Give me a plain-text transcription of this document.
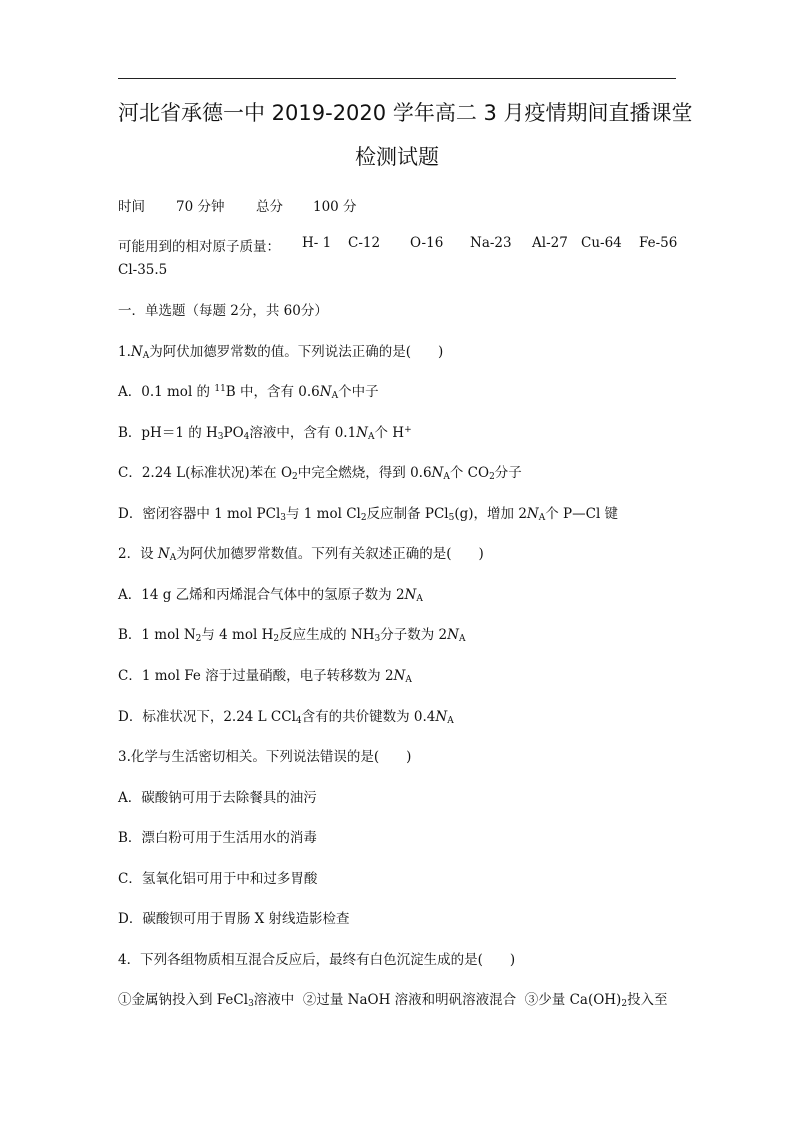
河北省承德一中 2019-2020 学年高二 3 月疫情期间直播课堂
检测试题
时间 70 分钟 总分 100 分
可能用到的相对原子质量： H- 1 C-12 O-16 Na-23 Al-27 Cu-64 Fe-56
Cl-35.5
一．单选题（每题 2分，共 60分）
$1.N_A$为阿伏加德罗常数的值。下列说法正确的是(　　)
A．0.1 mol 的 $^{11}$B 中，含有 $0.6N_A$个中子
B．pH＝1 的 $H_3PO_4$溶液中，含有 $0.1N_A$个 H+
C．2.24 L(标准状况)苯在 $O_2$中完全燃烧，得到 $0.6N_A$个 $CO_2$分子
D．密闭容器中 1 mol PCl$_3$与 1 mol $Cl_2$反应制备 PCl$_5$(g)，增加 $2N_A$个 P—Cl 键
2．设 $N_A$为阿伏加德罗常数值。下列有关叙述正确的是(　　)
A．14 g 乙烯和丙烯混合气体中的氢原子数为 $2N_A$
B．1 mol $N_2$与 4 mol $H_2$反应生成的 $NH_3$分子数为 $2N_A$
C．1 mol Fe 溶于过量硝酸，电子转移数为 $2N_A$
D．标准状况下，2.24 L CCl$_4$含有的共价键数为 $0.4N_A$
3.化学与生活密切相关。下列说法错误的是(　　)
A．碳酸钠可用于去除餐具的油污
B．漂白粉可用于生活用水的消毒
C．氢氧化铝可用于中和过多胃酸
D．碳酸钡可用于胃肠 X 射线造影检查
4．下列各组物质相互混合反应后，最终有白色沉淀生成的是(　　)
①金属钠投入到 FeCl$_3$溶液中 ②过量 NaOH 溶液和明矾溶液混合 ③少量 $Ca(OH)_2$投入至
